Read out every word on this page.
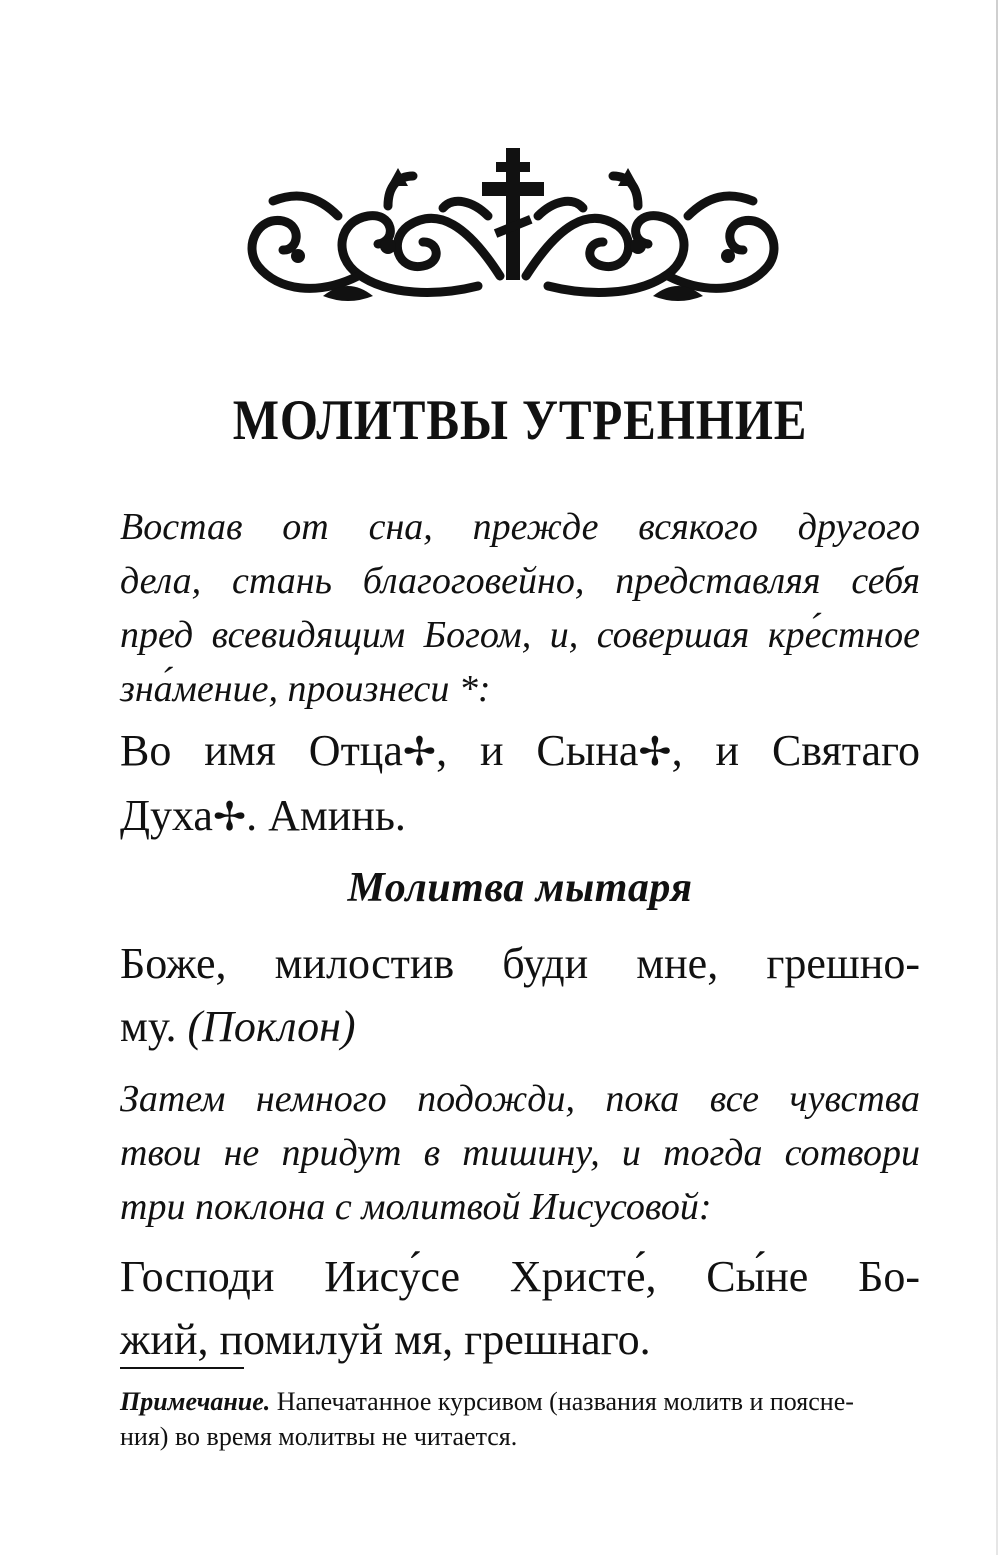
МОЛИТВЫ УТРЕННИЕ
Востав от сна, прежде всякого другого
дела, стань благоговейно, представляя себя
пред всевидящим Богом, и, совершая кре́стное
зна́мение, произнеси *:
Во имя Отца✢, и Сына✢, и Святаго
Духа✢. Аминь.
Молитва мытаря
Боже, милостив буди мне, грешно-
му. (Поклон)
Затем немного подожди, пока все чувства
твои не придут в тишину, и тогда сотвори
три поклона с молитвой Иисусовой:
Господи Иису́се Христе́, Сы́не Бо-
жий, помилуй мя, грешнаго.
Примечание. Напечатанное курсивом (названия молитв и поясне-
ния) во время молитвы не читается.
